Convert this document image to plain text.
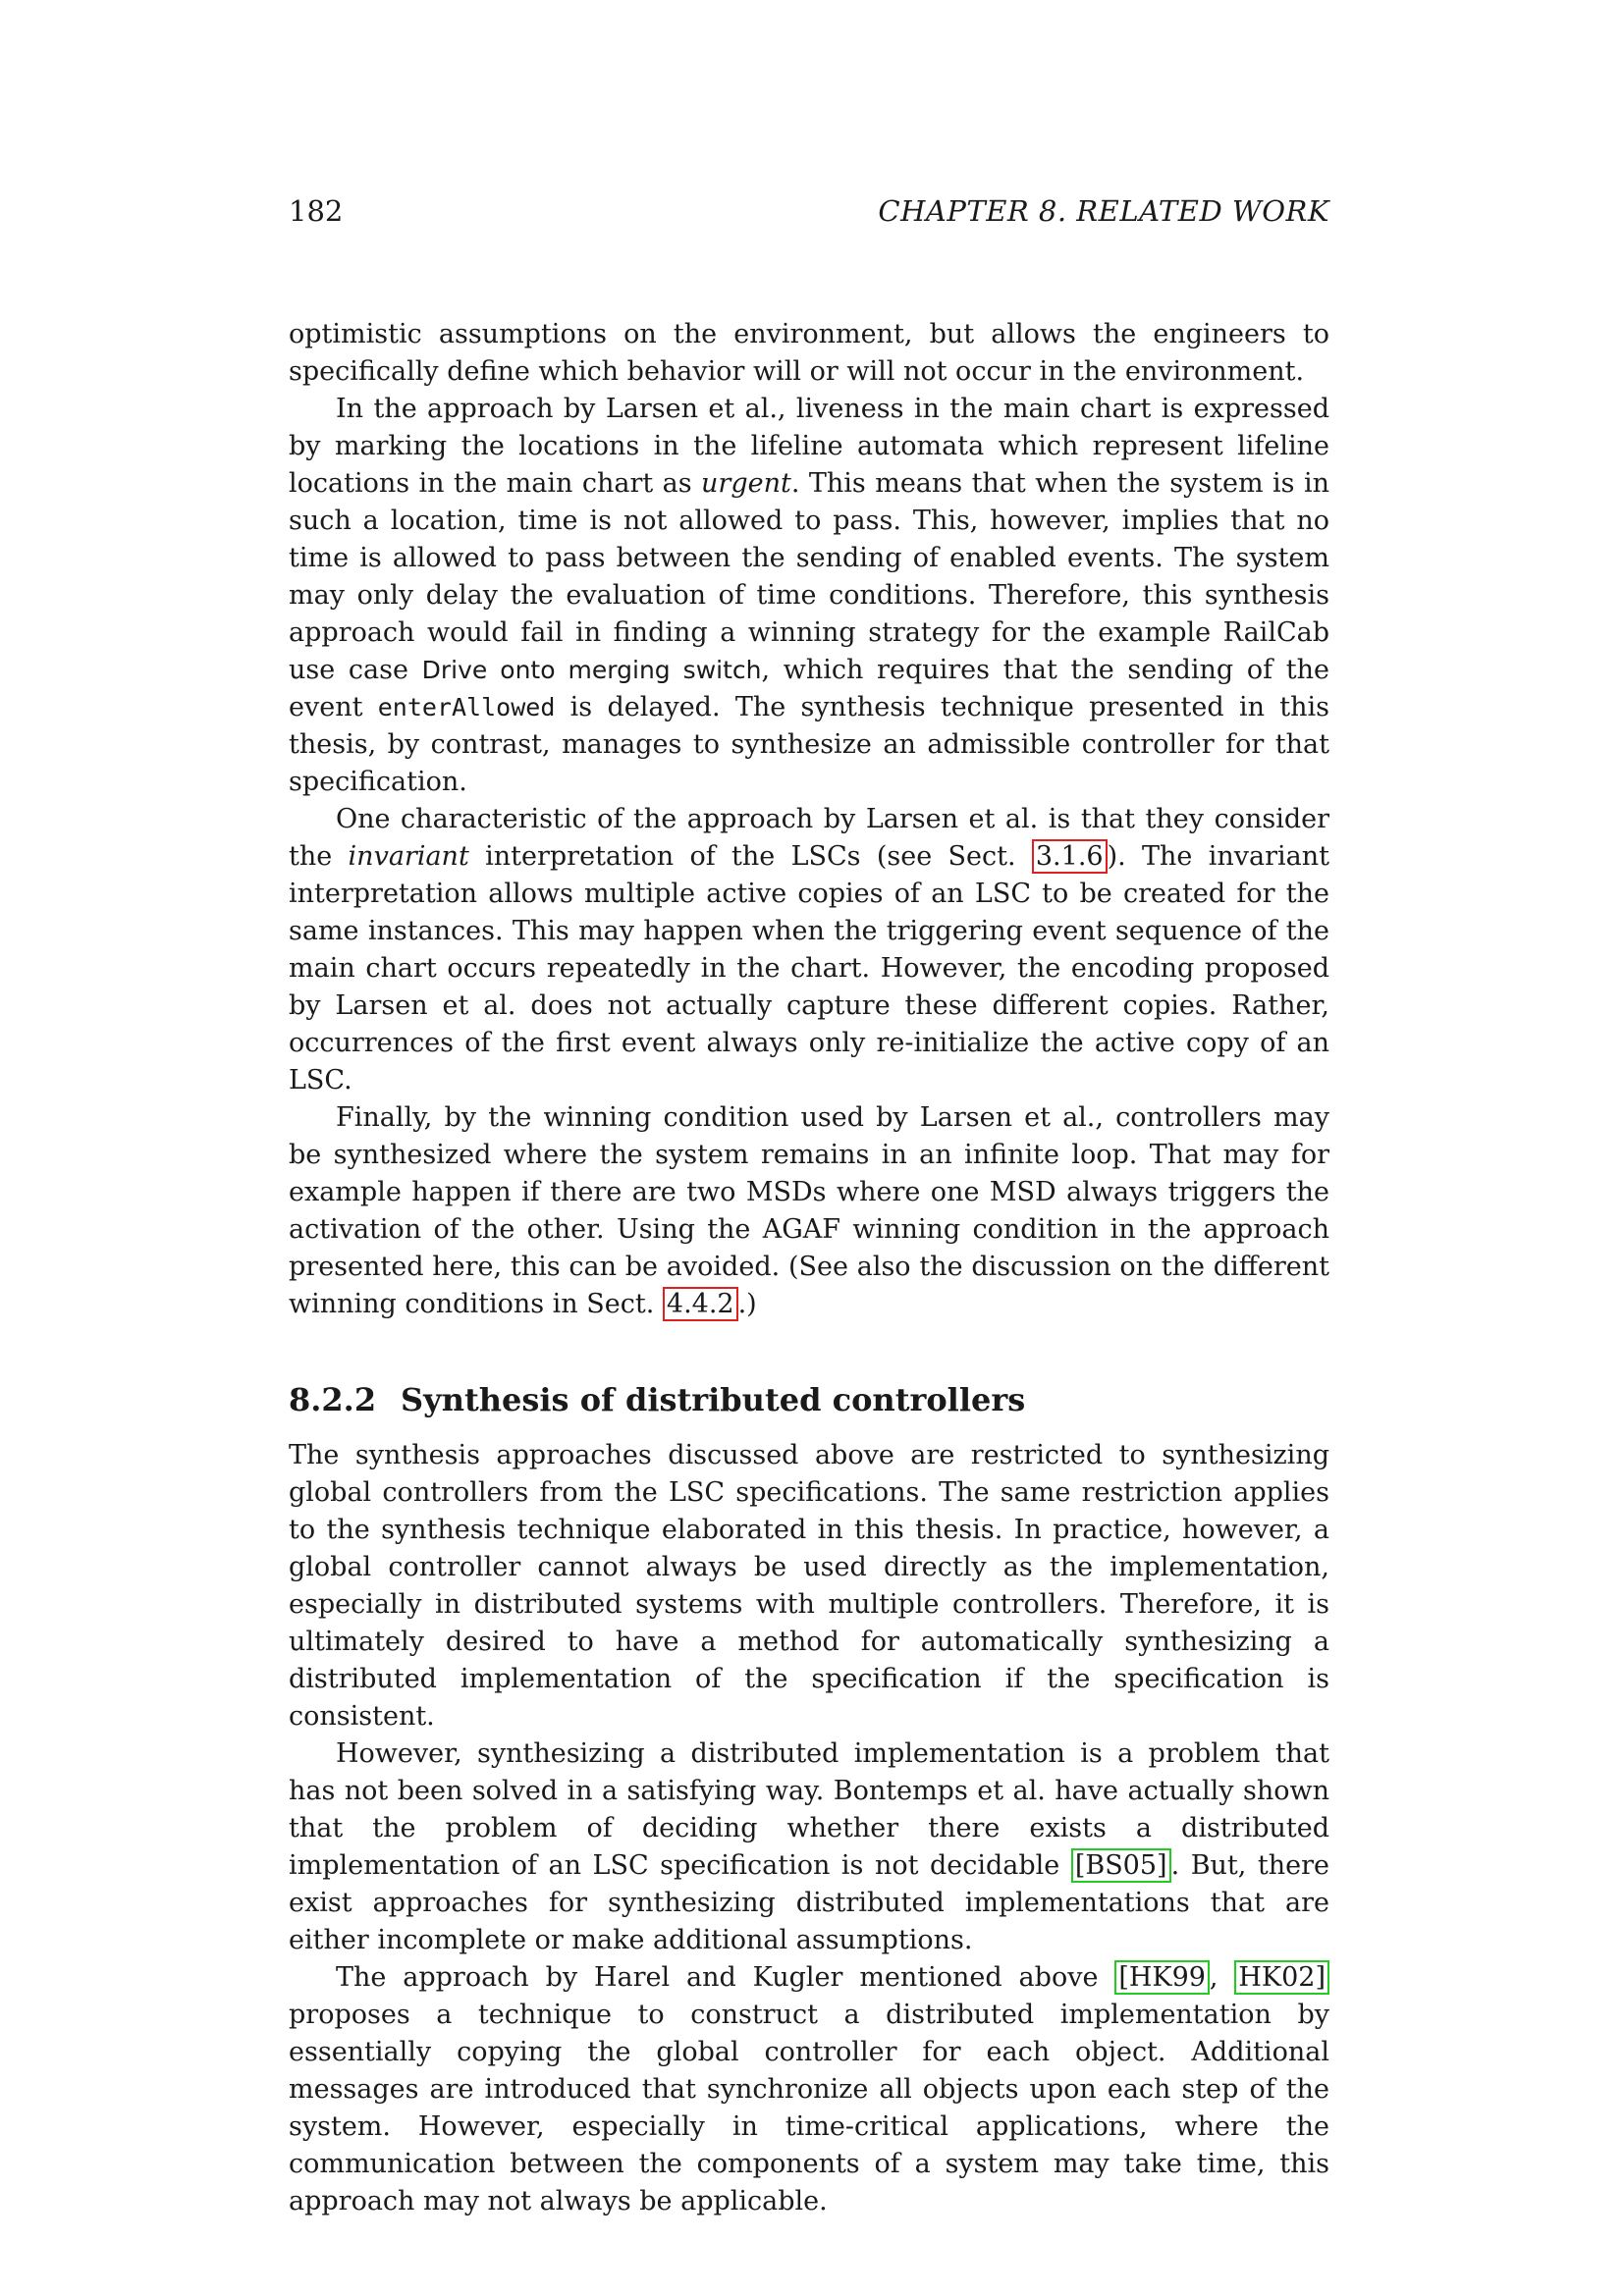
182	CHAPTER 8. RELATED WORK

optimistic assumptions on the environment, but allows the engineers to specifically define which behavior will or will not occur in the environment.

In the approach by Larsen et al., liveness in the main chart is expressed by marking the locations in the lifeline automata which represent lifeline locations in the main chart as urgent. This means that when the system is in such a location, time is not allowed to pass. This, however, implies that no time is allowed to pass between the sending of enabled events. The system may only delay the evaluation of time conditions. Therefore, this synthesis approach would fail in finding a winning strategy for the example RailCab use case Drive onto merging switch, which requires that the sending of the event enterAllowed is delayed. The synthesis technique presented in this thesis, by contrast, manages to synthesize an admissible controller for that specification.

One characteristic of the approach by Larsen et al. is that they consider the invariant interpretation of the LSCs (see Sect. 3.1.6 ). The invariant interpretation allows multiple active copies of an LSC to be created for the same instances. This may happen when the triggering event sequence of the main chart occurs repeatedly in the chart. However, the encoding proposed by Larsen et al. does not actually capture these different copies. Rather, occurrences of the first event always only re-initialize the active copy of an LSC.

Finally, by the winning condition used by Larsen et al., controllers may be synthesized where the system remains in an infinite loop. That may for example happen if there are two MSDs where one MSD always triggers the activation of the other. Using the AGAF winning condition in the approach presented here, this can be avoided. (See also the discussion on the different winning conditions in Sect. 4.4.2 .)

8.2.2 Synthesis of distributed controllers

The synthesis approaches discussed above are restricted to synthesizing global controllers from the LSC specifications. The same restriction applies to the synthesis technique elaborated in this thesis. In practice, however, a global controller cannot always be used directly as the implementation, especially in distributed systems with multiple controllers. Therefore, it is ultimately desired to have a method for automatically synthesizing a distributed implementation of the specification if the specification is consistent.

However, synthesizing a distributed implementation is a problem that has not been solved in a satisfying way. Bontemps et al. have actually shown that the problem of deciding whether there exists a distributed implementation of an LSC specification is not decidable [BS05] . But, there exist approaches for synthesizing distributed implementations that are either incomplete or make additional assumptions.

The approach by Harel and Kugler mentioned above [HK99 , HK02] proposes a technique to construct a distributed implementation by essentially copying the global controller for each object. Additional messages are introduced that synchronize all objects upon each step of the system. However, especially in time-critical applications, where the communication between the components of a system may take time, this approach may not always be applicable.
